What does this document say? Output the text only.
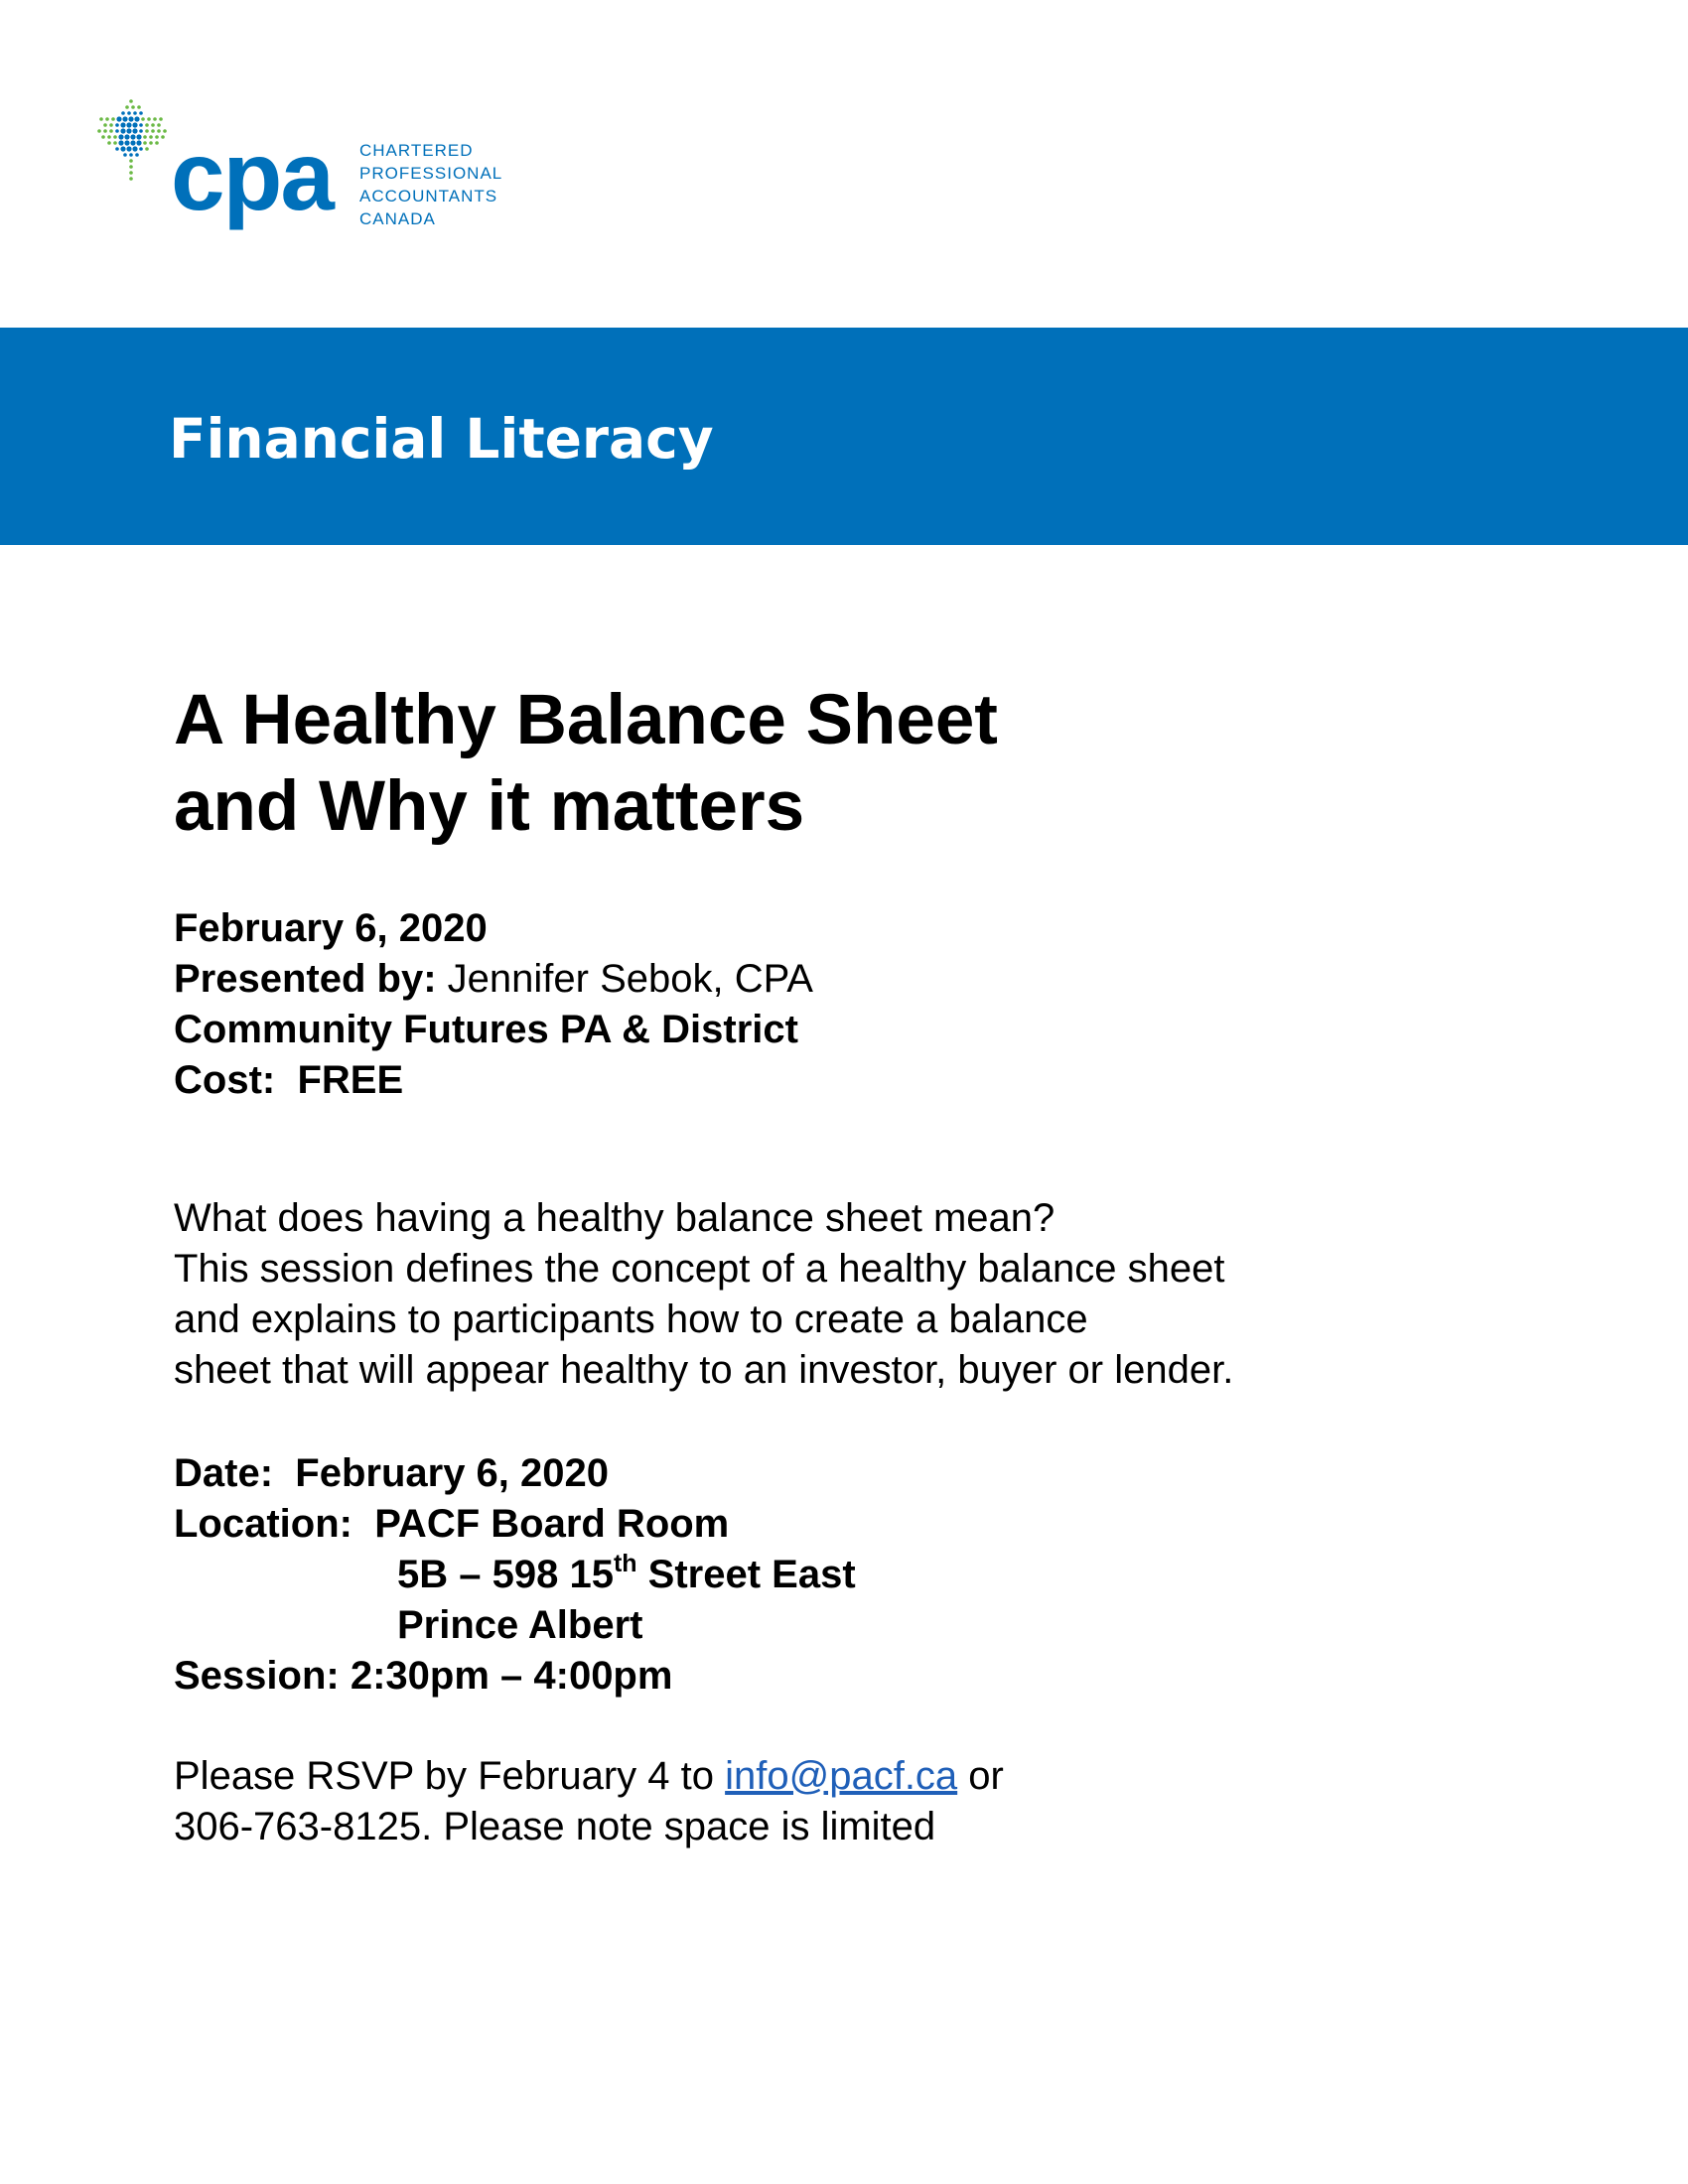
cpa CHARTERED
PROFESSIONAL
ACCOUNTANTS
CANADA
Financial Literacy
A Healthy Balance Sheet
and Why it matters
February 6, 2020
Presented by: Jennifer Sebok, CPA
Community Futures PA & District
Cost: FREE
What does having a healthy balance sheet mean?
This session defines the concept of a healthy balance sheet
and explains to participants how to create a balance
sheet that will appear healthy to an investor, buyer or lender.
Date: February 6, 2020
Location: PACF Board Room
5B – 598 15th Street East
Prince Albert
Session: 2:30pm – 4:00pm
Please RSVP by February 4 to info@pacf.ca or
306-763-8125. Please note space is limited
